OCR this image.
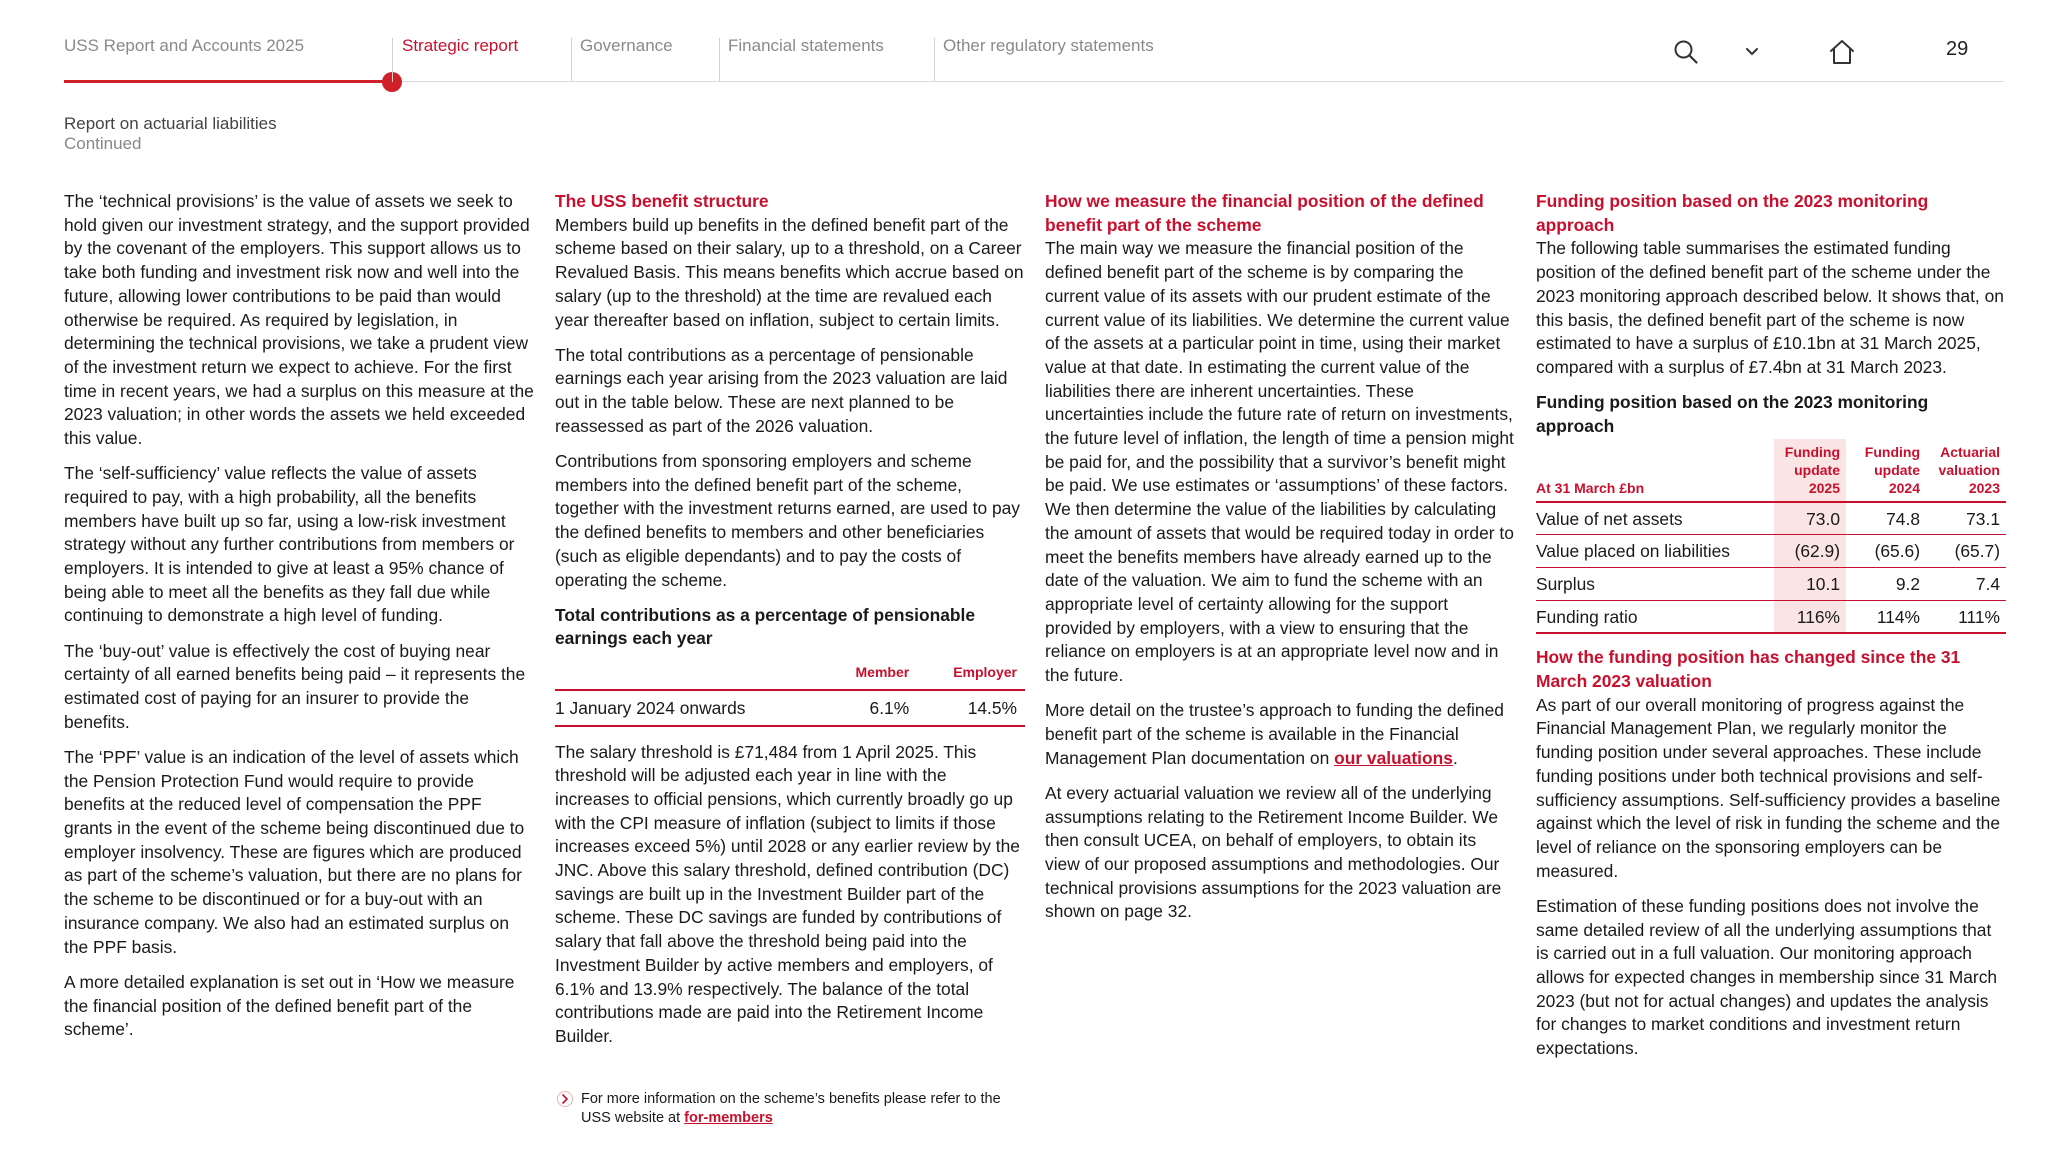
USS Report and Accounts 2025	Strategic report	Governance	Financial statements	Other regulatory statements	29
Report on actuarial liabilities
Continued

The ‘technical provisions’ is the value of assets we seek to hold given our investment strategy, and the support provided by the covenant of the employers. This support allows us to take both funding and investment risk now and well into the future, allowing lower contributions to be paid than would otherwise be required. As required by legislation, in determining the technical provisions, we take a prudent view of the investment return we expect to achieve. For the first time in recent years, we had a surplus on this measure at the 2023 valuation; in other words the assets we held exceeded this value.

The ‘self-sufficiency’ value reflects the value of assets required to pay, with a high probability, all the benefits members have built up so far, using a low-risk investment strategy without any further contributions from members or employers. It is intended to give at least a 95% chance of being able to meet all the benefits as they fall due while continuing to demonstrate a high level of funding.

The ‘buy-out’ value is effectively the cost of buying near certainty of all earned benefits being paid – it represents the estimated cost of paying for an insurer to provide the benefits.

The ‘PPF’ value is an indication of the level of assets which the Pension Protection Fund would require to provide benefits at the reduced level of compensation the PPF grants in the event of the scheme being discontinued due to employer insolvency. These are figures which are produced as part of the scheme’s valuation, but there are no plans for the scheme to be discontinued or for a buy-out with an insurance company. We also had an estimated surplus on the PPF basis.

A more detailed explanation is set out in ‘How we measure the financial position of the defined benefit part of the scheme’.

The USS benefit structure

Members build up benefits in the defined benefit part of the scheme based on their salary, up to a threshold, on a Career Revalued Basis. This means benefits which accrue based on salary (up to the threshold) at the time are revalued each year thereafter based on inflation, subject to certain limits.

The total contributions as a percentage of pensionable earnings each year arising from the 2023 valuation are laid out in the table below. These are next planned to be reassessed as part of the 2026 valuation.

Contributions from sponsoring employers and scheme members into the defined benefit part of the scheme, together with the investment returns earned, are used to pay the defined benefits to members and other beneficiaries (such as eligible dependants) and to pay the costs of operating the scheme.

Total contributions as a percentage of pensionable earnings each year
	Member	Employer
1 January 2024 onwards	6.1%	14.5%

The salary threshold is £71,484 from 1 April 2025. This threshold will be adjusted each year in line with the increases to official pensions, which currently broadly go up with the CPI measure of inflation (subject to limits if those increases exceed 5%) until 2028 or any earlier review by the JNC. Above this salary threshold, defined contribution (DC) savings are built up in the Investment Builder part of the scheme. These DC savings are funded by contributions of salary that fall above the threshold being paid into the Investment Builder by active members and employers, of 6.1% and 13.9% respectively. The balance of the total contributions made are paid into the Retirement Income Builder.

For more information on the scheme’s benefits please refer to the USS website at for-members
How we measure the financial position of the defined benefit part of the scheme

The main way we measure the financial position of the defined benefit part of the scheme is by comparing the current value of its assets with our prudent estimate of the current value of its liabilities. We determine the current value of the assets at a particular point in time, using their market value at that date. In estimating the current value of the liabilities there are inherent uncertainties. These uncertainties include the future rate of return on investments, the future level of inflation, the length of time a pension might be paid for, and the possibility that a survivor’s benefit might be paid. We use estimates or ‘assumptions’ of these factors. We then determine the value of the liabilities by calculating the amount of assets that would be required today in order to meet the benefits members have already earned up to the date of the valuation. We aim to fund the scheme with an appropriate level of certainty allowing for the support provided by employers, with a view to ensuring that the reliance on employers is at an appropriate level now and in the future.

More detail on the trustee’s approach to funding the defined benefit part of the scheme is available in the Financial Management Plan documentation on our valuations.

At every actuarial valuation we review all of the underlying assumptions relating to the Retirement Income Builder. We then consult UCEA, on behalf of employers, to obtain its view of our proposed assumptions and methodologies. Our technical provisions assumptions for the 2023 valuation are shown on page 32.

Funding position based on the 2023 monitoring approach

The following table summarises the estimated funding position of the defined benefit part of the scheme under the 2023 monitoring approach described below. It shows that, on this basis, the defined benefit part of the scheme is now estimated to have a surplus of £10.1bn at 31 March 2025, compared with a surplus of £7.4bn at 31 March 2023.

Funding position based on the 2023 monitoring approach
At 31 March £bn	Funding update 2025	Funding update 2024	Actuarial valuation 2023
Value of net assets	73.0	74.8	73.1
Value placed on liabilities	(62.9)	(65.6)	(65.7)
Surplus	10.1	9.2	7.4
Funding ratio	116%	114%	111%
How the funding position has changed since the 31 March 2023 valuation

As part of our overall monitoring of progress against the Financial Management Plan, we regularly monitor the funding position under several approaches. These include funding positions under both technical provisions and self-sufficiency assumptions. Self-sufficiency provides a baseline against which the level of risk in funding the scheme and the level of reliance on the sponsoring employers can be measured.

Estimation of these funding positions does not involve the same detailed review of all the underlying assumptions that is carried out in a full valuation. Our monitoring approach allows for expected changes in membership since 31 March 2023 (but not for actual changes) and updates the analysis for changes to market conditions and investment return expectations.
